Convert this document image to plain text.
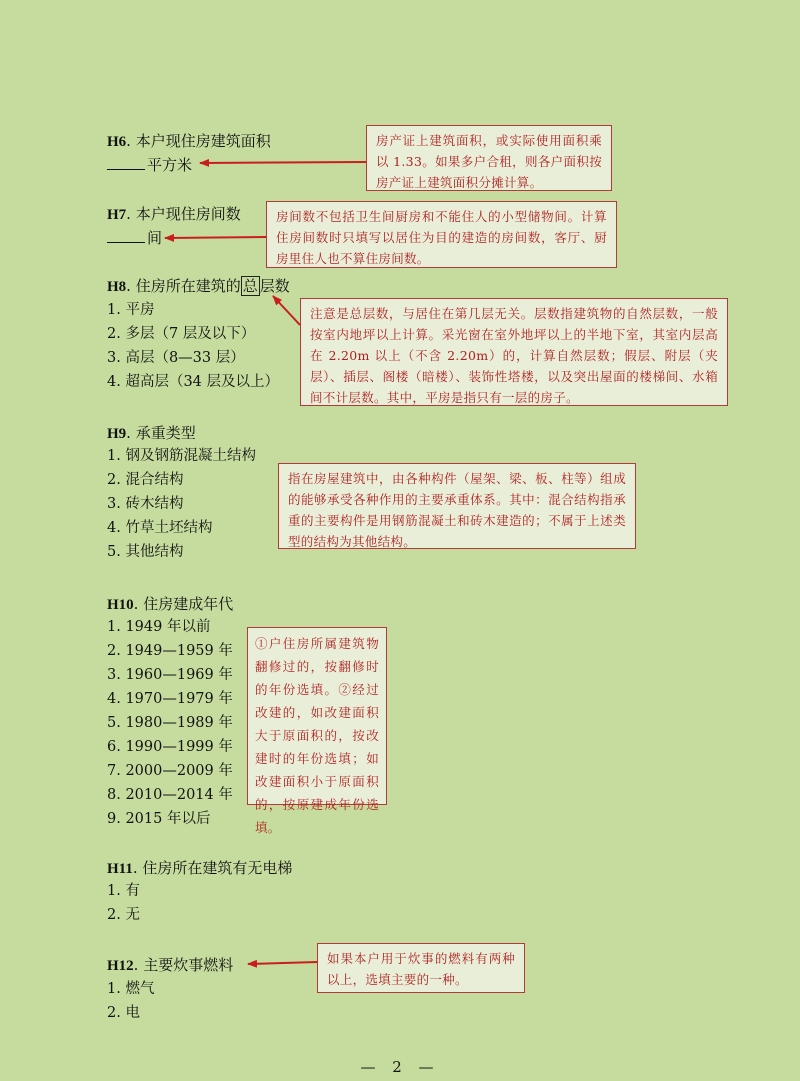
H6. 本户现住房建筑面积
平方米
房产证上建筑面积，或实际使用面积乘以 1.33。如果多户合租，则各户面积按房产证上建筑面积分摊计算。
H7. 本户现住房间数
间
房间数不包括卫生间厨房和不能住人的小型储物间。计算住房间数时只填写以居住为目的建造的房间数，客厅、厨房里住人也不算住房间数。
H8. 住房所在建筑的 总 层数
1. 平房
2. 多层（7 层及以下）
3. 高层（8—33 层）
4. 超高层（34 层及以上）
注意是总层数，与居住在第几层无关。层数指建筑物的自然层数，一般按室内地坪以上计算。采光窗在室外地坪以上的半地下室，其室内层高在 2.20m 以上（不含 2.20m）的，计算自然层数；假层、附层（夹层）、插层、阁楼（暗楼）、装饰性塔楼，以及突出屋面的楼梯间、水箱间不计层数。其中，平房是指只有一层的房子。
H9. 承重类型
1. 钢及钢筋混凝土结构
2. 混合结构
3. 砖木结构
4. 竹草土坯结构
5. 其他结构
指在房屋建筑中，由各种构件（屋架、梁、板、柱等）组成的能够承受各种作用的主要承重体系。其中：混合结构指承重的主要构件是用钢筋混凝土和砖木建造的；不属于上述类型的结构为其他结构。
H10. 住房建成年代
1. 1949 年以前
2. 1949—1959 年
3. 1960—1969 年
4. 1970—1979 年
5. 1980—1989 年
6. 1990—1999 年
7. 2000—2009 年
8. 2010—2014 年
9. 2015 年以后
①户住房所属建筑物翻修过的，按翻修时的年份选填。②经过改建的，如改建面积大于原面积的，按改建时的年份选填；如改建面积小于原面积的，按原建成年份选填。
H11. 住房所在建筑有无电梯
1. 有
2. 无
H12. 主要炊事燃料
1. 燃气
2. 电
如果本户用于炊事的燃料有两种以上，选填主要的一种。
— 2 —
